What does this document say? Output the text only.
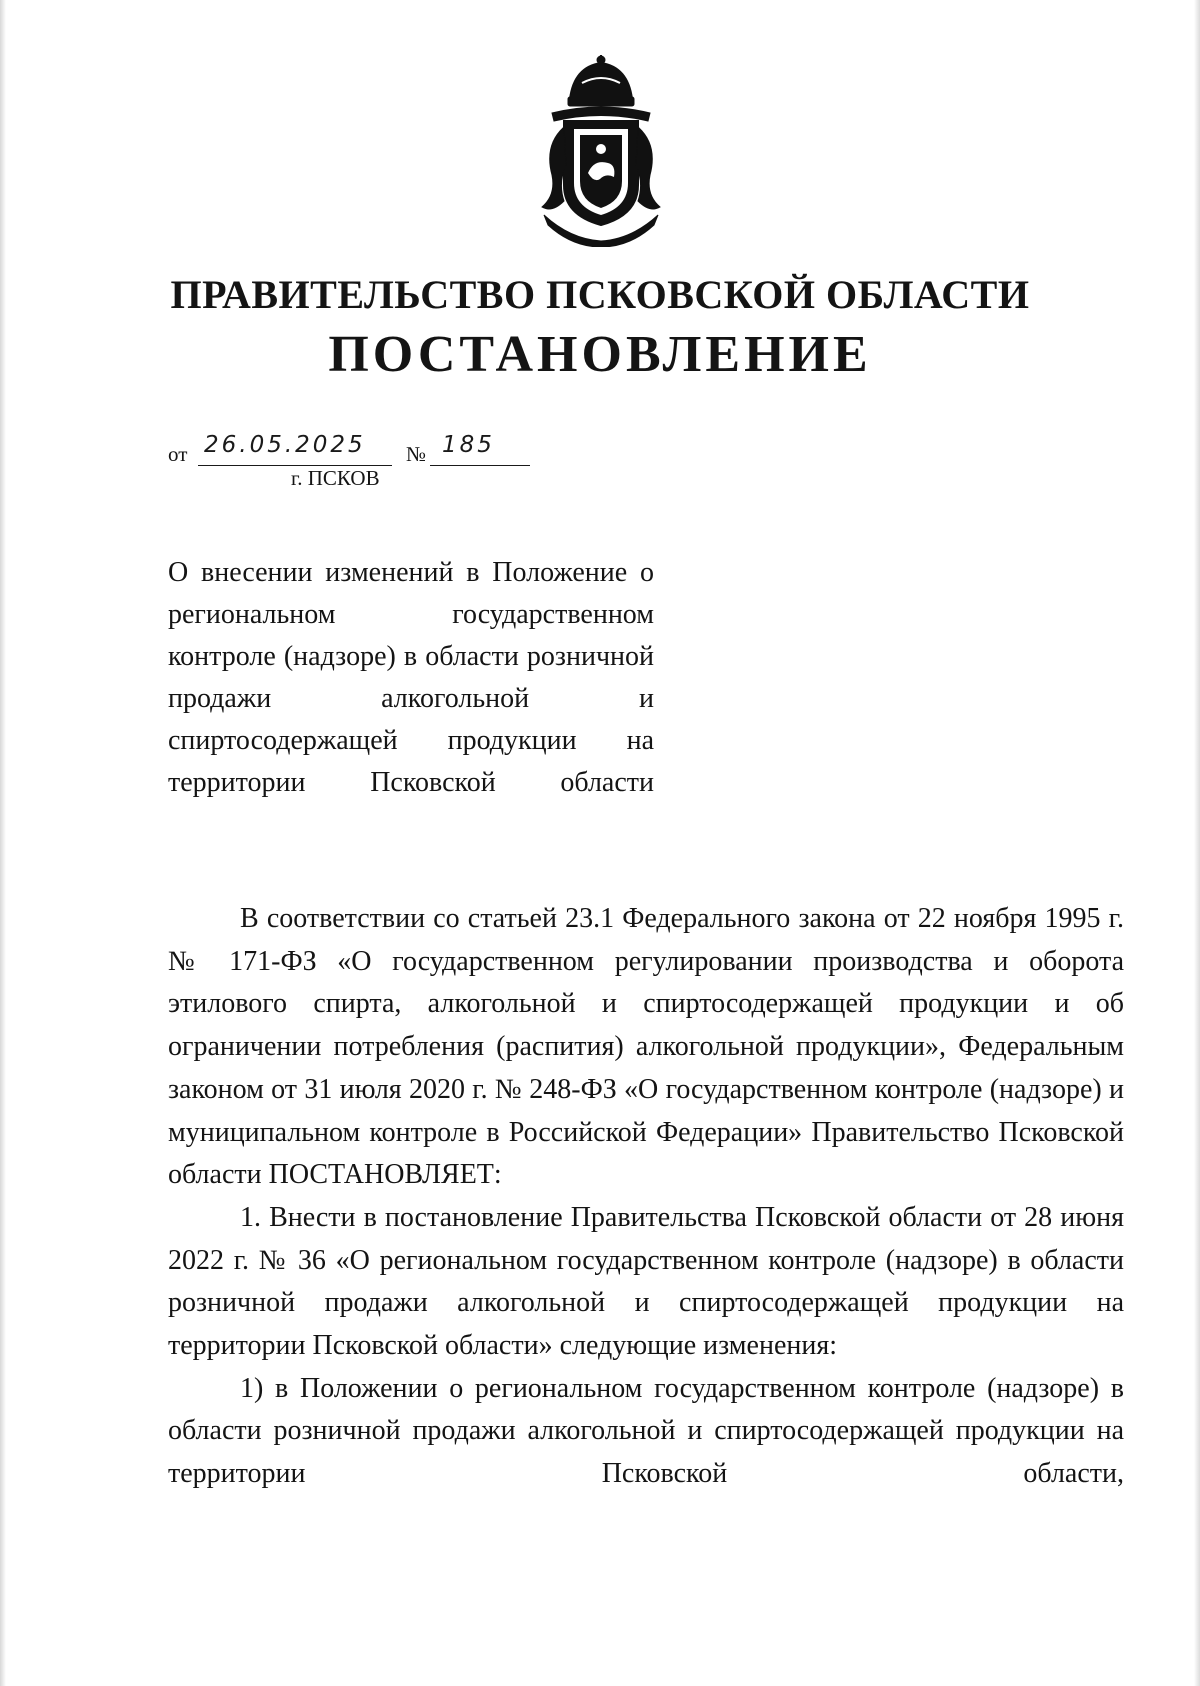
ПРАВИТЕЛЬСТВО ПСКОВСКОЙ ОБЛАСТИ
ПОСТАНОВЛЕНИЕ
от 26.05.2025 № 185
г. ПСКОВ
О внесении изменений в Положение о региональном государственном контроле (надзоре) в области розничной продажи алкогольной и спиртосодержащей продукции на территории Псковской области

В соответствии со статьей 23.1 Федерального закона от 22 ноября 1995 г. № 171-ФЗ «О государственном регулировании производства и оборота этилового спирта, алкогольной и спиртосодержащей продукции и об ограничении потребления (распития) алкогольной продукции», Федеральным законом от 31 июля 2020 г. № 248-ФЗ «О государственном контроле (надзоре) и муниципальном контроле в Российской Федерации» Правительство Псковской области ПОСТАНОВЛЯЕТ:

1. Внести в постановление Правительства Псковской области от 28 июня 2022 г. № 36 «О региональном государственном контроле (надзоре) в области розничной продажи алкогольной и спиртосодержащей продукции на территории Псковской области» следующие изменения:

1) в Положении о региональном государственном контроле (надзоре) в области розничной продажи алкогольной и спиртосодержащей продукции на территории Псковской области,
